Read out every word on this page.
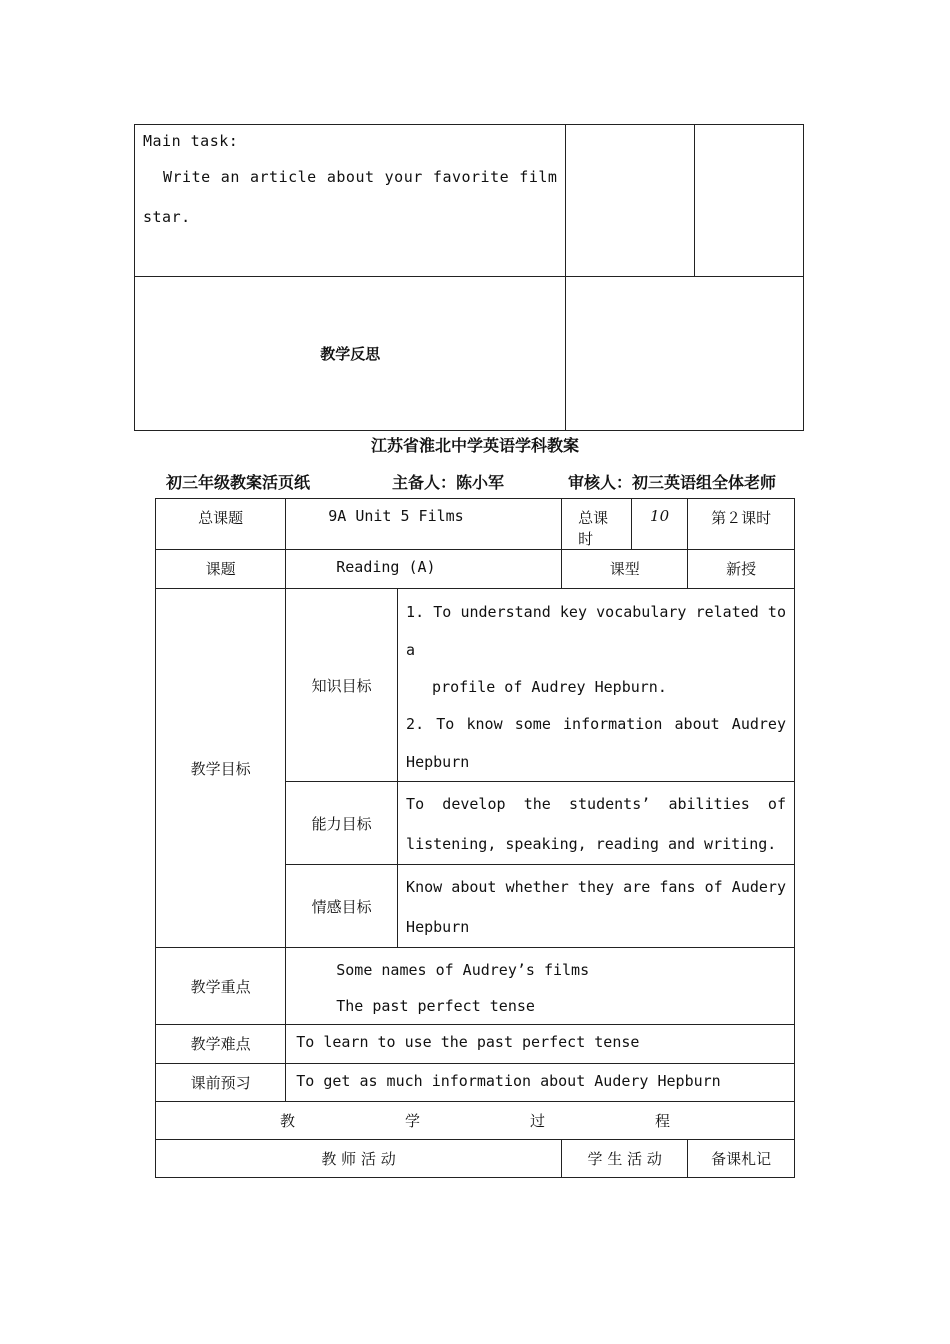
Main task:
Write an article about your favorite film
star.		

教学反思		
江苏省淮北中学英语学科教案
初三年级教案活页纸	主备人：陈小军	审核人：初三英语组全体老师
总课题	9A Unit 5 Films		总课时	10	第２课时
课题	Reading (A)		课型		新授
教学目标	知识目标	1. To understand key vocabulary related to a
profile of Audrey Hepburn.
2. To know some information about Audrey
Hepburn			

	能力目标	To develop the students’ abilities of
listening, speaking, reading and writing.			

	情感目标	Know about whether they are fans of Audery
Hepburn			

教学重点	Some names of Audrey’s films
The past perfect tense				

教学难点	To learn to use the past perfect tense				
课前预习	To get as much information about Audery Hepburn				
教 学 过 程					
教 师 活 动			学 生 活 动		备课札记
